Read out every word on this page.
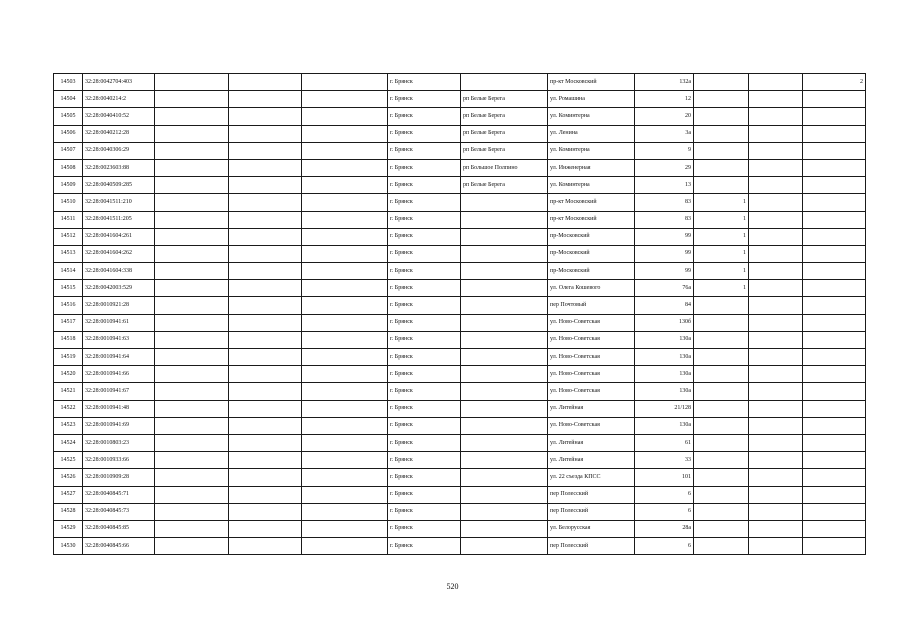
14503	32:28:0042704:403				г. Брянск		пр-кт Московский	132а			2
14504	32:28:0040214:2				г. Брянск	рп Белые Берега	ул. Ромашина	12			
14505	32:28:0040410:52				г. Брянск	рп Белые Берега	ул. Коминтерна	20			
14506	32:28:0040212:28				г. Брянск	рп Белые Берега	ул. Ленина	3а			
14507	32:28:0040306:29				г. Брянск	рп Белые Берега	ул. Коминтерна	9			
14508	32:28:0023603:88				г. Брянск	рп Большое Полпино	ул. Инженерная	29			
14509	32:28:0040509:285				г. Брянск	рп Белые Берега	ул. Коминтерна	13			
14510	32:28:0041511:210				г. Брянск		пр-кт Московский	83	1		
14511	32:28:0041511:205				г. Брянск		пр-кт Московский	83	1		
14512	32:28:0041604:261				г. Брянск		пр-Московский	99	1		
14513	32:28:0041604:262				г. Брянск		пр-Московский	99	1		
14514	32:28:0041604:338				г. Брянск		пр-Московский	99	1		
14515	32:28:0042003:529				г. Брянск		ул. Олега Кошевого	76а	1		
14516	32:28:0010921:28				г. Брянск		пер Почтовый	84			
14517	32:28:0010941:61				г. Брянск		ул. Ново-Советская	130б			
14518	32:28:0010941:63				г. Брянск		ул. Ново-Советская	130а			
14519	32:28:0010941:64				г. Брянск		ул. Ново-Советская	130а			
14520	32:28:0010941:66				г. Брянск		ул. Ново-Советская	130а			
14521	32:28:0010941:67				г. Брянск		ул. Ново-Советская	130а			
14522	32:28:0010941:48				г. Брянск		ул. Литейная	21/128			
14523	32:28:0010941:69				г. Брянск		ул. Ново-Советская	130а			
14524	32:28:0010803:23				г. Брянск		ул. Литейная	61			
14525	32:28:0010933:66				г. Брянск		ул. Литейная	33			
14526	32:28:0010909:28				г. Брянск		ул. 22 съезда КПСС	101			
14527	32:28:0040845:71				г. Брянск		пер Полесский	6			
14528	32:28:0040845:73				г. Брянск		пер Полесский	6			
14529	32:28:0040845:85				г. Брянск		ул. Белорусская	28а			
14530	32:28:0040845:66				г. Брянск		пер Полесский	6			
520
